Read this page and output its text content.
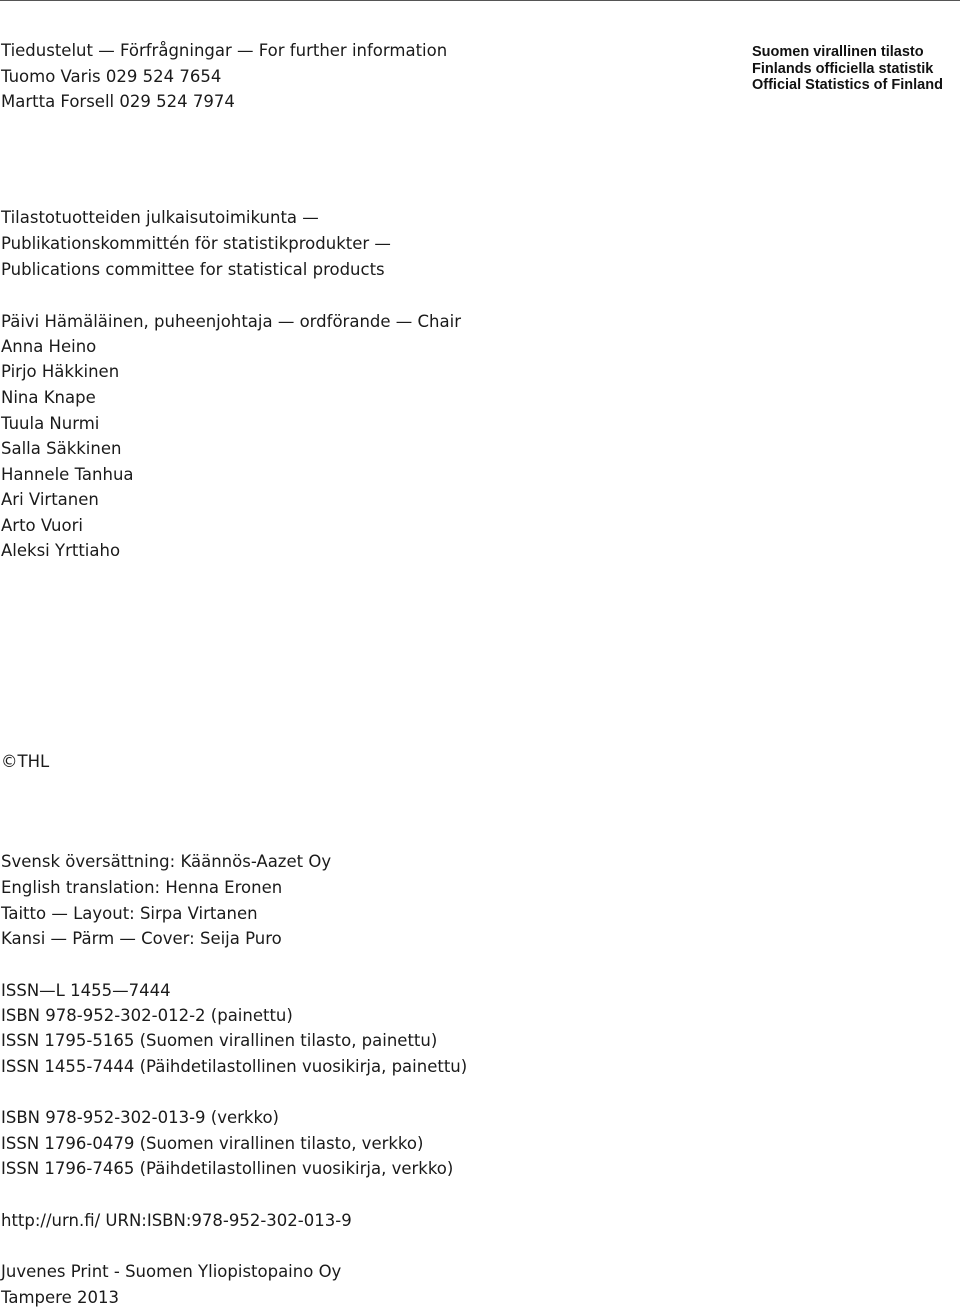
Tiedustelut — Förfrågningar — For further information

Tuomo Varis 029 524 7654

Martta Forsell 029 524 7974

Suomen virallinen tilasto
Finlands officiella statistik
Official Statistics of Finland

Tilastotuotteiden julkaisutoimikunta —

Publikationskommittén för statistikprodukter —

Publications committee for statistical products

Päivi Hämäläinen, puheenjohtaja — ordförande — Chair

Anna Heino

Pirjo Häkkinen

Nina Knape

Tuula Nurmi

Salla Säkkinen

Hannele Tanhua

Ari Virtanen

Arto Vuori

Aleksi Yrttiaho

©THL

Svensk översättning: Käännös-Aazet Oy

English translation: Henna Eronen

Taitto — Layout: Sirpa Virtanen

Kansi — Pärm — Cover: Seija Puro

ISSN—L 1455—7444

ISBN 978-952-302-012-2 (painettu)

ISSN 1795-5165 (Suomen virallinen tilasto, painettu)

ISSN 1455-7444 (Päihdetilastollinen vuosikirja, painettu)

ISBN 978-952-302-013-9 (verkko)

ISSN 1796-0479 (Suomen virallinen tilasto, verkko)

ISSN 1796-7465 (Päihdetilastollinen vuosikirja, verkko)

http://urn.fi/ URN:ISBN:978-952-302-013-9

Juvenes Print - Suomen Yliopistopaino Oy

Tampere 2013
